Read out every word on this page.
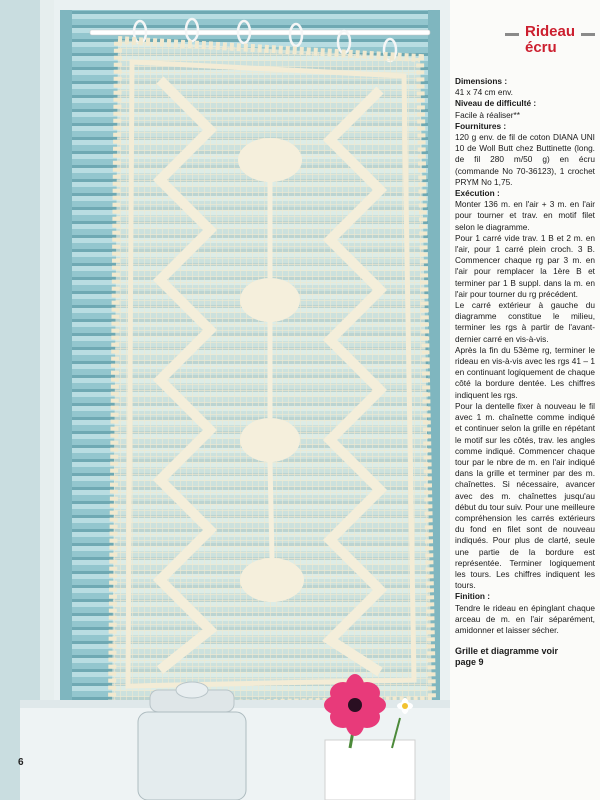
Rideau
écru
Dimensions :

41 x 74 cm env.

Niveau de difficulté :

Facile à réaliser**

Fournitures :

120 g env. de fil de coton DIANA UNI 10 de Woll Butt chez Buttinette (long. de fil 280 m/50 g) en écru (commande No 70-36123), 1 crochet PRYM No 1,75.

Exécution :

Monter 136 m. en l'air + 3 m. en l'air pour tourner et trav. en motif filet selon le diagramme.

Pour 1 carré vide trav. 1 B et 2 m. en l'air, pour 1 carré plein croch. 3 B. Commencer chaque rg par 3 m. en l'air pour remplacer la 1ère B et terminer par 1 B suppl. dans la m. en l'air pour tourner du rg précédent.

Le carré extérieur à gauche du diagramme constitue le milieu, terminer les rgs à partir de l'avant-dernier carré en vis-à-vis.

Après la fin du 53ème rg, terminer le rideau en vis-à-vis avec les rgs 41 – 1 en continuant logiquement de chaque côté la bordure dentée. Les chiffres indiquent les rgs.

Pour la dentelle fixer à nouveau le fil avec 1 m. chaînette comme indiqué et continuer selon la grille en répétant le motif sur les côtés, trav. les angles comme indiqué. Commencer chaque tour par le nbre de m. en l'air indiqué dans la grille et terminer par des m. chaînettes. Si nécessaire, avancer avec des m. chaînettes jusqu'au début du tour suiv. Pour une meilleure compréhension les carrés extérieurs du fond en filet sont de nouveau indiqués. Pour plus de clarté, seule une partie de la bordure est représentée. Terminer logiquement les tours. Les chiffres indiquent les tours.

Finition :

Tendre le rideau en épinglant chaque arceau de m. en l'air séparément, amidonner et laisser sécher.

Grille et diagramme voir
page 9
6
